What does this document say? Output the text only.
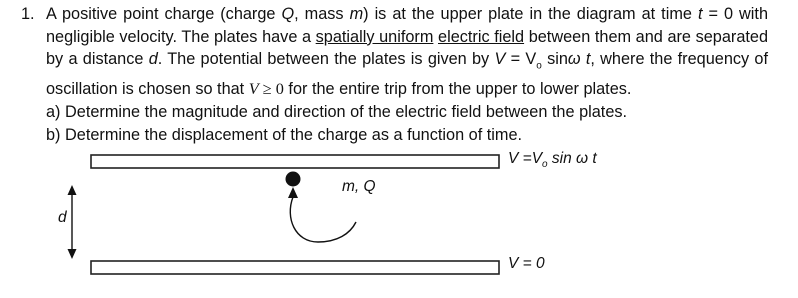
1. A positive point charge (charge Q, mass m) is at the upper plate in the diagram at time t = 0 with negligible velocity. The plates have a spatially uniform electric field between them and are separated by a distance d. The potential between the plates is given by $V = V_o$ sinω t, where the frequency of oscillation is chosen so that V ≥ 0 for the entire trip from the upper to lower plates.

a) Determine the magnitude and direction of the electric field between the plates.

b) Determine the displacement of the charge as a function of time.

$V =V_o$ sin ω t
m, Q
d
V = 0
